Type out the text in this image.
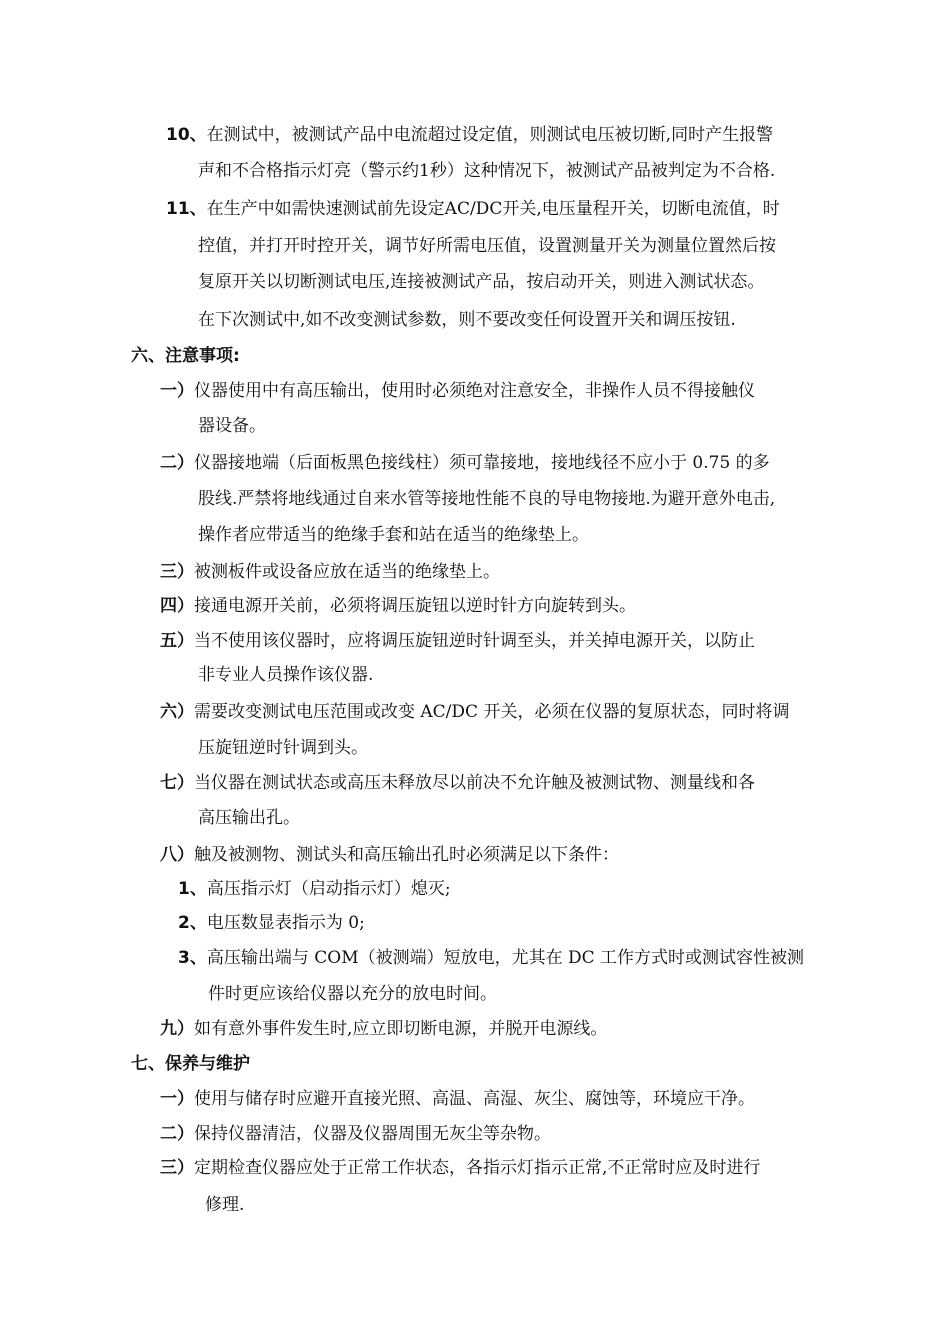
10、在测试中，被测试产品中电流超过设定值，则测试电压被切断,同时产生报警
声和不合格指示灯亮（警示约1秒）这种情况下，被测试产品被判定为不合格.
11、在生产中如需快速测试前先设定AC/DC开关,电压量程开关，切断电流值，时
控值，并打开时控开关，调节好所需电压值，设置测量开关为测量位置然后按
复原开关以切断测试电压,连接被测试产品，按启动开关，则进入测试状态。
在下次测试中,如不改变测试参数，则不要改变任何设置开关和调压按钮.
六、注意事项:
一）仪器使用中有高压输出，使用时必须绝对注意安全，非操作人员不得接触仪
器设备。
二）仪器接地端（后面板黑色接线柱）须可靠接地，接地线径不应小于 0.75 的多
股线.严禁将地线通过自来水管等接地性能不良的导电物接地.为避开意外电击,
操作者应带适当的绝缘手套和站在适当的绝缘垫上。
三）被测板件或设备应放在适当的绝缘垫上。
四）接通电源开关前，必须将调压旋钮以逆时针方向旋转到头。
五）当不使用该仪器时，应将调压旋钮逆时针调至头，并关掉电源开关，以防止
非专业人员操作该仪器.
六）需要改变测试电压范围或改变 AC/DC 开关，必须在仪器的复原状态，同时将调
压旋钮逆时针调到头。
七）当仪器在测试状态或高压未释放尽以前决不允许触及被测试物、测量线和各
高压输出孔。
八）触及被测物、测试头和高压输出孔时必须满足以下条件：
1、高压指示灯（启动指示灯）熄灭;
2、电压数显表指示为 0;
3、高压输出端与 COM（被测端）短放电，尤其在 DC 工作方式时或测试容性被测
件时更应该给仪器以充分的放电时间。
九）如有意外事件发生时,应立即切断电源，并脱开电源线。
七、保养与维护
一）使用与储存时应避开直接光照、高温、高湿、灰尘、腐蚀等，环境应干净。
二）保持仪器清洁，仪器及仪器周围无灰尘等杂物。
三）定期检查仪器应处于正常工作状态，各指示灯指示正常,不正常时应及时进行
修理.
